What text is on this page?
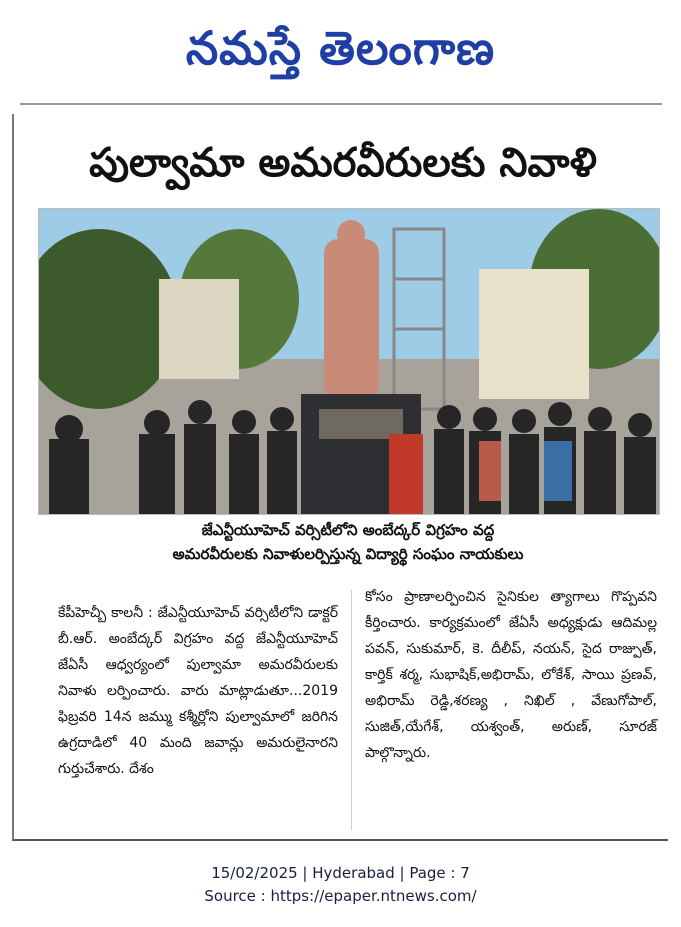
నమస్తే తెలంగాణ
పుల్వామా అమరవీరులకు నివాళి
జేఎన్టీయూహెచ్ వర్సిటీలోని అంబేద్కర్ విగ్రహం వద్ద
అమరవీరులకు నివాళులర్పిస్తున్న విద్యార్థి సంఘం నాయకులు
కేపీహెచ్బీ కాలనీ : జేఎన్టీయూహెచ్ వర్సిటీలోని డాక్టర్ బీ.ఆర్. అంబేద్కర్ విగ్రహం వద్ద జేఎన్టీయూహెచ్ జేఏసీ ఆధ్వర్యంలో పుల్వామా అమరవీరులకు నివాళు లర్పించారు. వారు మాట్లాడుతూ...2019 ఫిబ్రవరి 14న జమ్ము కశ్మీర్లోని పుల్వామాలో జరిగిన ఉగ్రదాడిలో 40 మంది జవాన్లు అమరులైనారని గుర్తుచేశారు. దేశం
కోసం ప్రాణాలర్పించిన సైనికుల త్యాగాలు గొప్పవని కీర్తించారు. కార్యక్రమంలో జేఏసీ అధ్యక్షుడు ఆదిమల్ల పవన్, సుకుమార్, కె. దీలీప్, నయన్, సైద రాజ్పుత్, కార్తిక్ శర్మ, సుభాషిక్,అభిరామ్, లోకేశ్, సాయి ప్రణవ్, అభిరామ్ రెడ్డి,శరణ్య , నిఖిల్ , వేణుగోపాల్, సుజిత్,యేగేశ్, యశ్వంత్, అరుణ్, సూరజ్ పాల్గొన్నారు.
15/02/2025 | Hyderabad | Page : 7
Source : https://epaper.ntnews.com/
